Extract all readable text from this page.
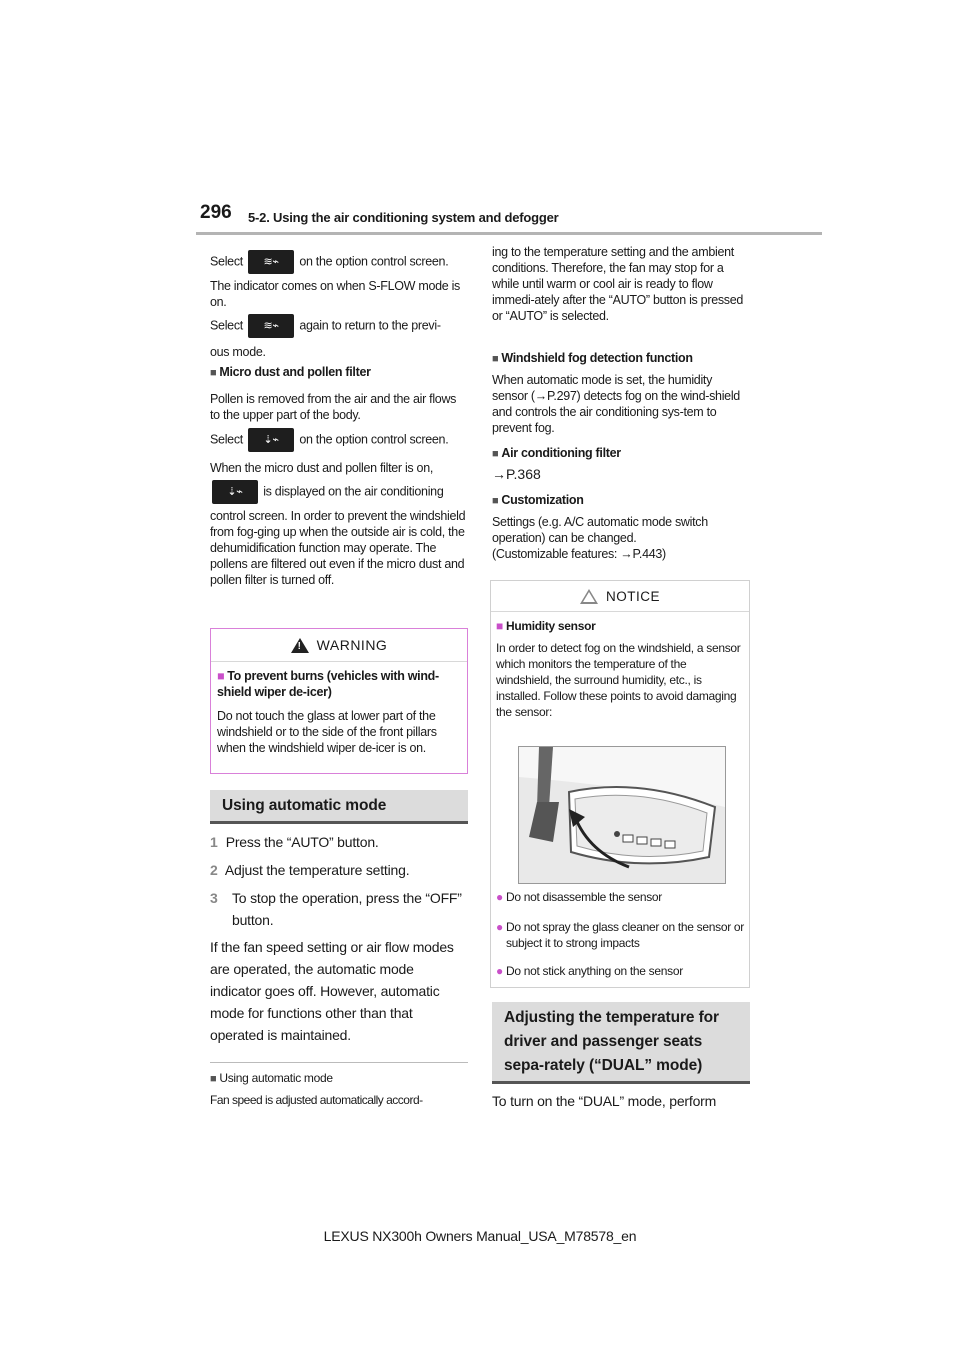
296 5-2. Using the air conditioning system and defogger
Select ≋⌁ on the option control screen.
The indicator comes on when S-FLOW mode is on.
Select ≋⌁ again to return to the previ-
ous mode.
■ Micro dust and pollen filter
Pollen is removed from the air and the air flows to the upper part of the body.
Select ⇣⌁ on the option control screen.
When the micro dust and pollen filter is on,
⇣⌁ is displayed on the air conditioning
control screen. In order to prevent the windshield from fog-ging up when the outside air is cold, the dehumidification function may operate. The pollens are filtered out even if the micro dust and pollen filter is turned off.
!
WARNING
■ To prevent burns (vehicles with wind-shield wiper de-icer)
Do not touch the glass at lower part of the windshield or to the side of the front pillars when the windshield wiper de-icer is on.
Using automatic mode
1 Press the “AUTO” button.
2 Adjust the temperature setting.
3	To stop the operation, press the “OFF” button.
If the fan speed setting or air flow modes are operated, the automatic mode indicator goes off. However, automatic mode for functions other than that operated is maintained.
■ Using automatic mode
Fan speed is adjusted automatically accord-
ing to the temperature setting and the ambient conditions. Therefore, the fan may stop for a while until warm or cool air is ready to flow immedi-ately after the “AUTO” button is pressed or “AUTO” is selected.
■ Windshield fog detection function
When automatic mode is set, the humidity sensor (→P.297) detects fog on the wind-shield and controls the air conditioning sys-tem to prevent fog.
■ Air conditioning filter
→P.368
■ Customization
Settings (e.g. A/C automatic mode switch operation) can be changed.
(Customizable features: →P.443)
NOTICE
■ Humidity sensor
In order to detect fog on the windshield, a sensor which monitors the temperature of the windshield, the surround humidity, etc., is installed. Follow these points to avoid damaging the sensor:
● Do not disassemble the sensor
● Do not spray the glass cleaner on the sensor or subject it to strong impacts
● Do not stick anything on the sensor
Adjusting the temperature for driver and passenger seats sepa-rately (“DUAL” mode)
To turn on the “DUAL” mode, perform
LEXUS NX300h Owners Manual_USA_M78578_en
